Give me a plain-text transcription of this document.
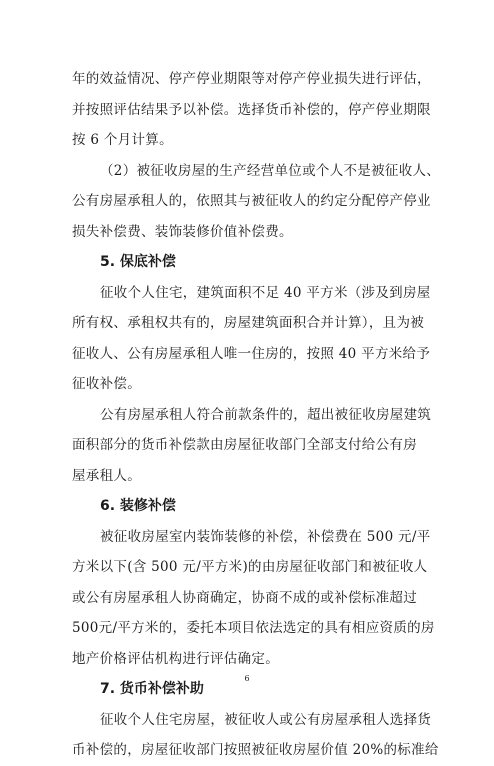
年的效益情况、停产停业期限等对停产停业损失进行评估，

并按照评估结果予以补偿。选择货币补偿的，停产停业期限

按 6 个月计算。

（2）被征收房屋的生产经营单位或个人不是被征收人、

公有房屋承租人的，依照其与被征收人的约定分配停产停业

损失补偿费、装饰装修价值补偿费。

5. 保底补偿

征收个人住宅，建筑面积不足 40 平方米（涉及到房屋

所有权、承租权共有的，房屋建筑面积合并计算），且为被

征收人、公有房屋承租人唯一住房的，按照 40 平方米给予

征收补偿。

公有房屋承租人符合前款条件的，超出被征收房屋建筑

面积部分的货币补偿款由房屋征收部门全部支付给公有房

屋承租人。

6. 装修补偿

被征收房屋室内装饰装修的补偿，补偿费在 500 元/平

方米以下(含 500 元/平方米)的由房屋征收部门和被征收人

或公有房屋承租人协商确定，协商不成的或补偿标准超过

500元/平方米的，委托本项目依法选定的具有相应资质的房

地产价格评估机构进行评估确定。

7. 货币补偿补助

征收个人住宅房屋，被征收人或公有房屋承租人选择货

币补偿的，房屋征收部门按照被征收房屋价值 20%的标准给

6
